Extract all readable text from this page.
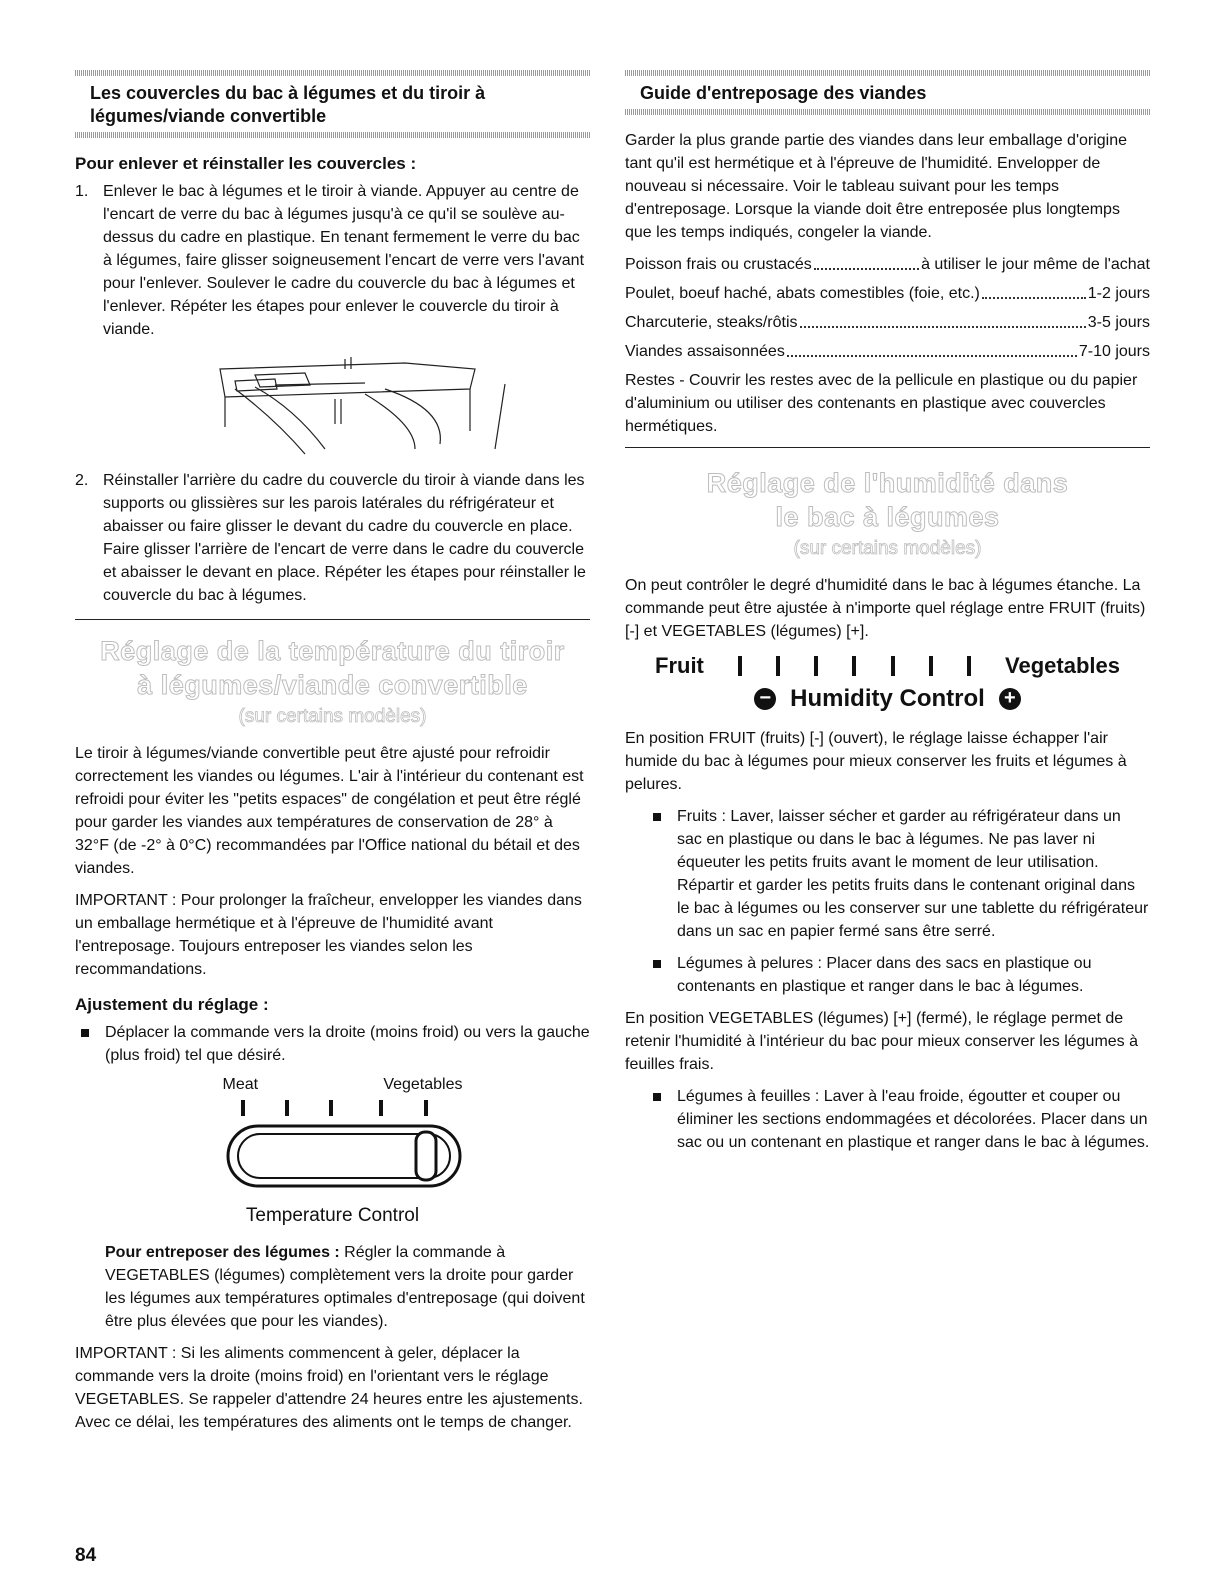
Les couvercles du bac à légumes et du tiroir à légumes/viande convertible
Pour enlever et réinstaller les couvercles :
1. Enlever le bac à légumes et le tiroir à viande. Appuyer au centre de l'encart de verre du bac à légumes jusqu'à ce qu'il se soulève au-dessus du cadre en plastique. En tenant fermement le verre du bac à légumes, faire glisser soigneusement l'encart de verre vers l'avant pour l'enlever. Soulever le cadre du couvercle du bac à légumes et l'enlever. Répéter les étapes pour enlever le couvercle du tiroir à viande.
2. Réinstaller l'arrière du cadre du couvercle du tiroir à viande dans les supports ou glissières sur les parois latérales du réfrigérateur et abaisser ou faire glisser le devant du cadre du couvercle en place. Faire glisser l'arrière de l'encart de verre dans le cadre du couvercle et abaisser le devant en place. Répéter les étapes pour réinstaller le couvercle du bac à légumes.
Réglage de la température du tiroir à légumes/viande convertible
(sur certains modèles)

Le tiroir à légumes/viande convertible peut être ajusté pour refroidir correctement les viandes ou légumes. L'air à l'intérieur du contenant est refroidi pour éviter les "petits espaces" de congélation et peut être réglé pour garder les viandes aux températures de conservation de 28° à 32°F (de -2° à 0°C) recommandées par l'Office national du bétail et des viandes.

IMPORTANT : Pour prolonger la fraîcheur, envelopper les viandes dans un emballage hermétique et à l'épreuve de l'humidité avant l'entreposage. Toujours entreposer les viandes selon les recommandations.

Ajustement du réglage :
Déplacer la commande vers la droite (moins froid) ou vers la gauche (plus froid) tel que désiré.
Meat	Vegetables
Temperature Control

Pour entreposer des légumes : Régler la commande à VEGETABLES (légumes) complètement vers la droite pour garder les légumes aux températures optimales d'entreposage (qui doivent être plus élevées que pour les viandes).

IMPORTANT : Si les aliments commencent à geler, déplacer la commande vers la droite (moins froid) en l'orientant vers le réglage VEGETABLES. Se rappeler d'attendre 24 heures entre les ajustements. Avec ce délai, les températures des aliments ont le temps de changer.

Guide d'entreposage des viandes

Garder la plus grande partie des viandes dans leur emballage d'origine tant qu'il est hermétique et à l'épreuve de l'humidité. Envelopper de nouveau si nécessaire. Voir le tableau suivant pour les temps d'entreposage. Lorsque la viande doit être entreposée plus longtemps que les temps indiqués, congeler la viande.

Poisson frais ou crustacés	à utiliser le jour même de l'achat
Poulet, boeuf haché, abats comestibles (foie, etc.)	1-2 jours
Charcuterie, steaks/rôtis	3-5 jours
Viandes assaisonnées	7-10 jours

Restes - Couvrir les restes avec de la pellicule en plastique ou du papier d'aluminium ou utiliser des contenants en plastique avec couvercles hermétiques.

Réglage de l'humidité dans
le bac à légumes
(sur certains modèles)

On peut contrôler le degré d'humidité dans le bac à légumes étanche. La commande peut être ajustée à n'importe quel réglage entre FRUIT (fruits) [-] et VEGETABLES (légumes) [+].

Fruit	Vegetables
− Humidity Control +

En position FRUIT (fruits) [-] (ouvert), le réglage laisse échapper l'air humide du bac à légumes pour mieux conserver les fruits et légumes à pelures.

Fruits : Laver, laisser sécher et garder au réfrigérateur dans un sac en plastique ou dans le bac à légumes. Ne pas laver ni équeuter les petits fruits avant le moment de leur utilisation. Répartir et garder les petits fruits dans le contenant original dans le bac à légumes ou les conserver sur une tablette du réfrigérateur dans un sac en papier fermé sans être serré.
Légumes à pelures : Placer dans des sacs en plastique ou contenants en plastique et ranger dans le bac à légumes.

En position VEGETABLES (légumes) [+] (fermé), le réglage permet de retenir l'humidité à l'intérieur du bac pour mieux conserver les légumes à feuilles frais.

Légumes à feuilles : Laver à l'eau froide, égoutter et couper ou éliminer les sections endommagées et décolorées. Placer dans un sac ou un contenant en plastique et ranger dans le bac à légumes.
84
